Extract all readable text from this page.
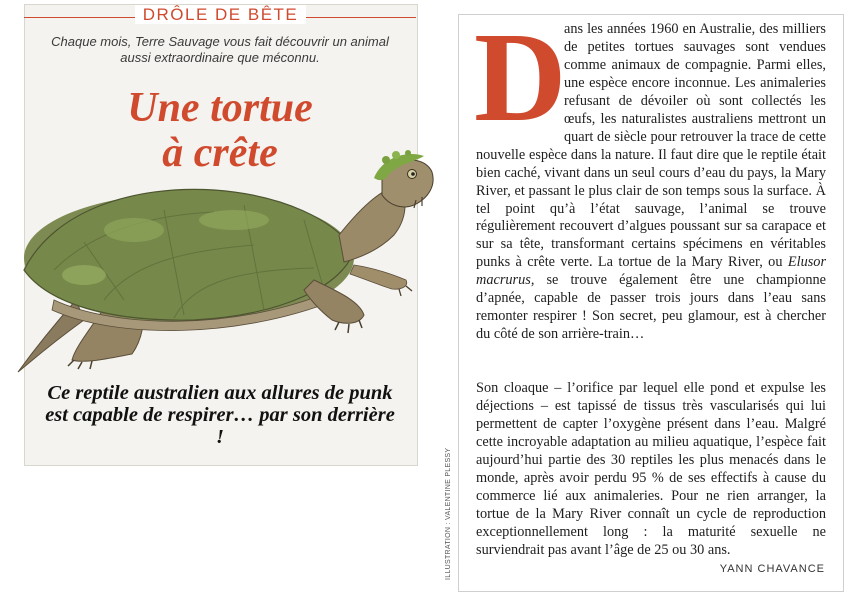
DRÔLE DE BÊTE
Chaque mois, Terre Sauvage vous fait découvrir un animal aussi extraordinaire que méconnu.
Une tortue
à crête
Ce reptile australien aux allures de punk est capable de respirer… par son derrière !
ILLUSTRATION : VALENTINE PLESSY
D

ans les années 1960 en Australie, des milliers de petites tortues sauvages sont vendues comme animaux de compagnie. Parmi elles, une espèce encore inconnue. Les animaleries refusant de dévoiler où sont collectés les œufs, les naturalistes australiens mettront un quart de siècle pour retrouver la trace de cette nouvelle espèce dans la nature. Il faut dire que le reptile était bien caché, vivant dans un seul cours d’eau du pays, la Mary River, et passant le plus clair de son temps sous la surface. À tel point qu’à l’état sauvage, l’animal se trouve régulièrement recouvert d’algues poussant sur sa carapace et sur sa tête, transformant certains spécimens en véritables punks à crête verte. La tortue de la Mary River, ou Elusor macrurus, se trouve également être une championne d’apnée, capable de passer trois jours dans l’eau sans remonter respirer ! Son secret, peu glamour, est à chercher du côté de son arrière-train…

Son cloaque – l’orifice par lequel elle pond et expulse les déjections – est tapissé de tissus très vascularisés qui lui permettent de capter l’oxygène présent dans l’eau. Malgré cette incroyable adaptation au milieu aquatique, l’espèce fait aujourd’hui partie des 30 reptiles les plus menacés dans le monde, après avoir perdu 95 % de ses effectifs à cause du commerce lié aux animaleries. Pour ne rien arranger, la tortue de la Mary River connaît un cycle de reproduction exceptionnellement long : la maturité sexuelle ne surviendrait pas avant l’âge de 25 ou 30 ans.

YANN CHAVANCE
